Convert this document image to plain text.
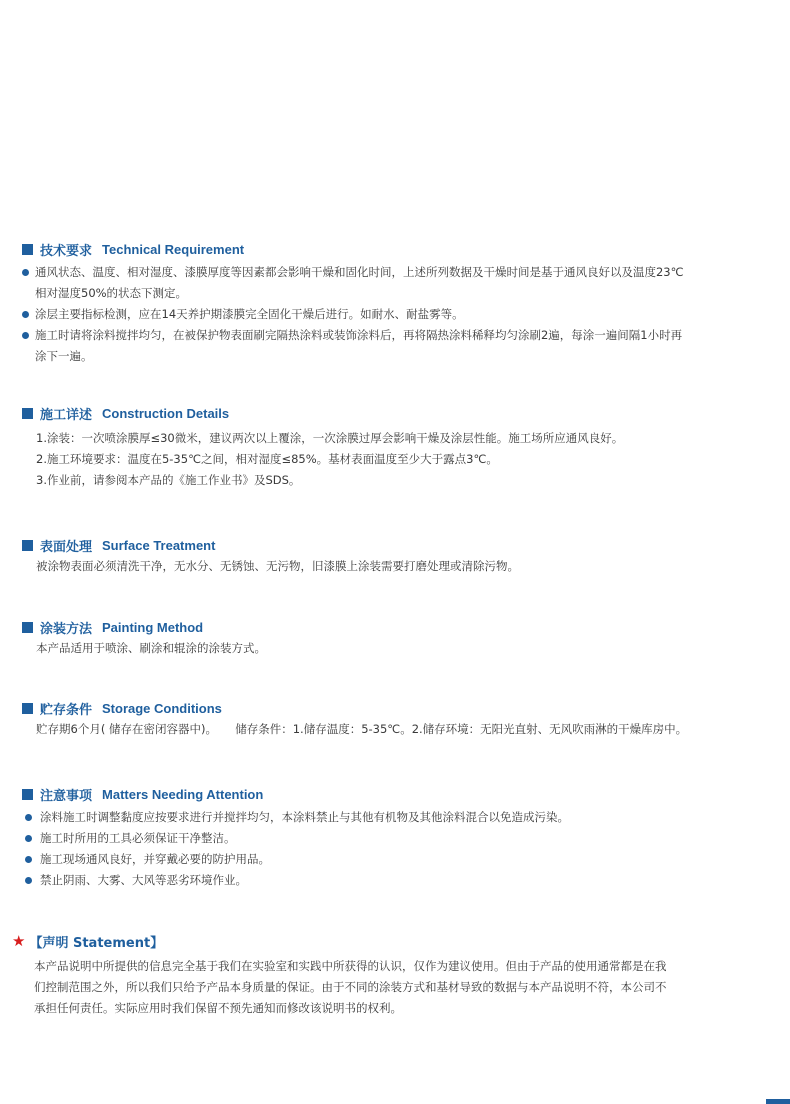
技术要求 Technical Requirement
通风状态、温度、相对湿度、漆膜厚度等因素都会影响干燥和固化时间，上述所列数据及干燥时间是基于通风良好以及温度23℃
相对湿度50%的状态下测定。
涂层主要指标检测，应在14天养护期漆膜完全固化干燥后进行。如耐水、耐盐雾等。
施工时请将涂料搅拌均匀，在被保护物表面刷完隔热涂料或装饰涂料后，再将隔热涂料稀释均匀涂刷2遍，每涂一遍间隔1小时再
涂下一遍。
施工详述 Construction Details
1.涂装：一次喷涂膜厚≤30微米，建议两次以上覆涂，一次涂膜过厚会影响干燥及涂层性能。施工场所应通风良好。
2.施工环境要求：温度在5-35℃之间，相对湿度≤85%。基材表面温度至少大于露点3℃。
3.作业前，请参阅本产品的《施工作业书》及SDS。
表面处理 Surface Treatment
被涂物表面必须清洗干净，无水分、无锈蚀、无污物，旧漆膜上涂装需要打磨处理或清除污物。
涂装方法 Painting Method
本产品适用于喷涂、刷涂和辊涂的涂装方式。
贮存条件 Storage Conditions
贮存期6个月( 储存在密闭容器中)。     储存条件：1.储存温度：5-35℃。2.储存环境：无阳光直射、无风吹雨淋的干燥库房中。
注意事项 Matters Needing Attention
涂料施工时调整黏度应按要求进行并搅拌均匀，本涂料禁止与其他有机物及其他涂料混合以免造成污染。
施工时所用的工具必须保证干净整洁。
施工现场通风良好，并穿戴必要的防护用品。
禁止阴雨、大雾、大风等恶劣环境作业。
★ 【声明 Statement】
本产品说明中所提供的信息完全基于我们在实验室和实践中所获得的认识，仅作为建议使用。但由于产品的使用通常都是在我
们控制范围之外，所以我们只给予产品本身质量的保证。由于不同的涂装方式和基材导致的数据与本产品说明不符，本公司不
承担任何责任。实际应用时我们保留不预先通知而修改该说明书的权利。
